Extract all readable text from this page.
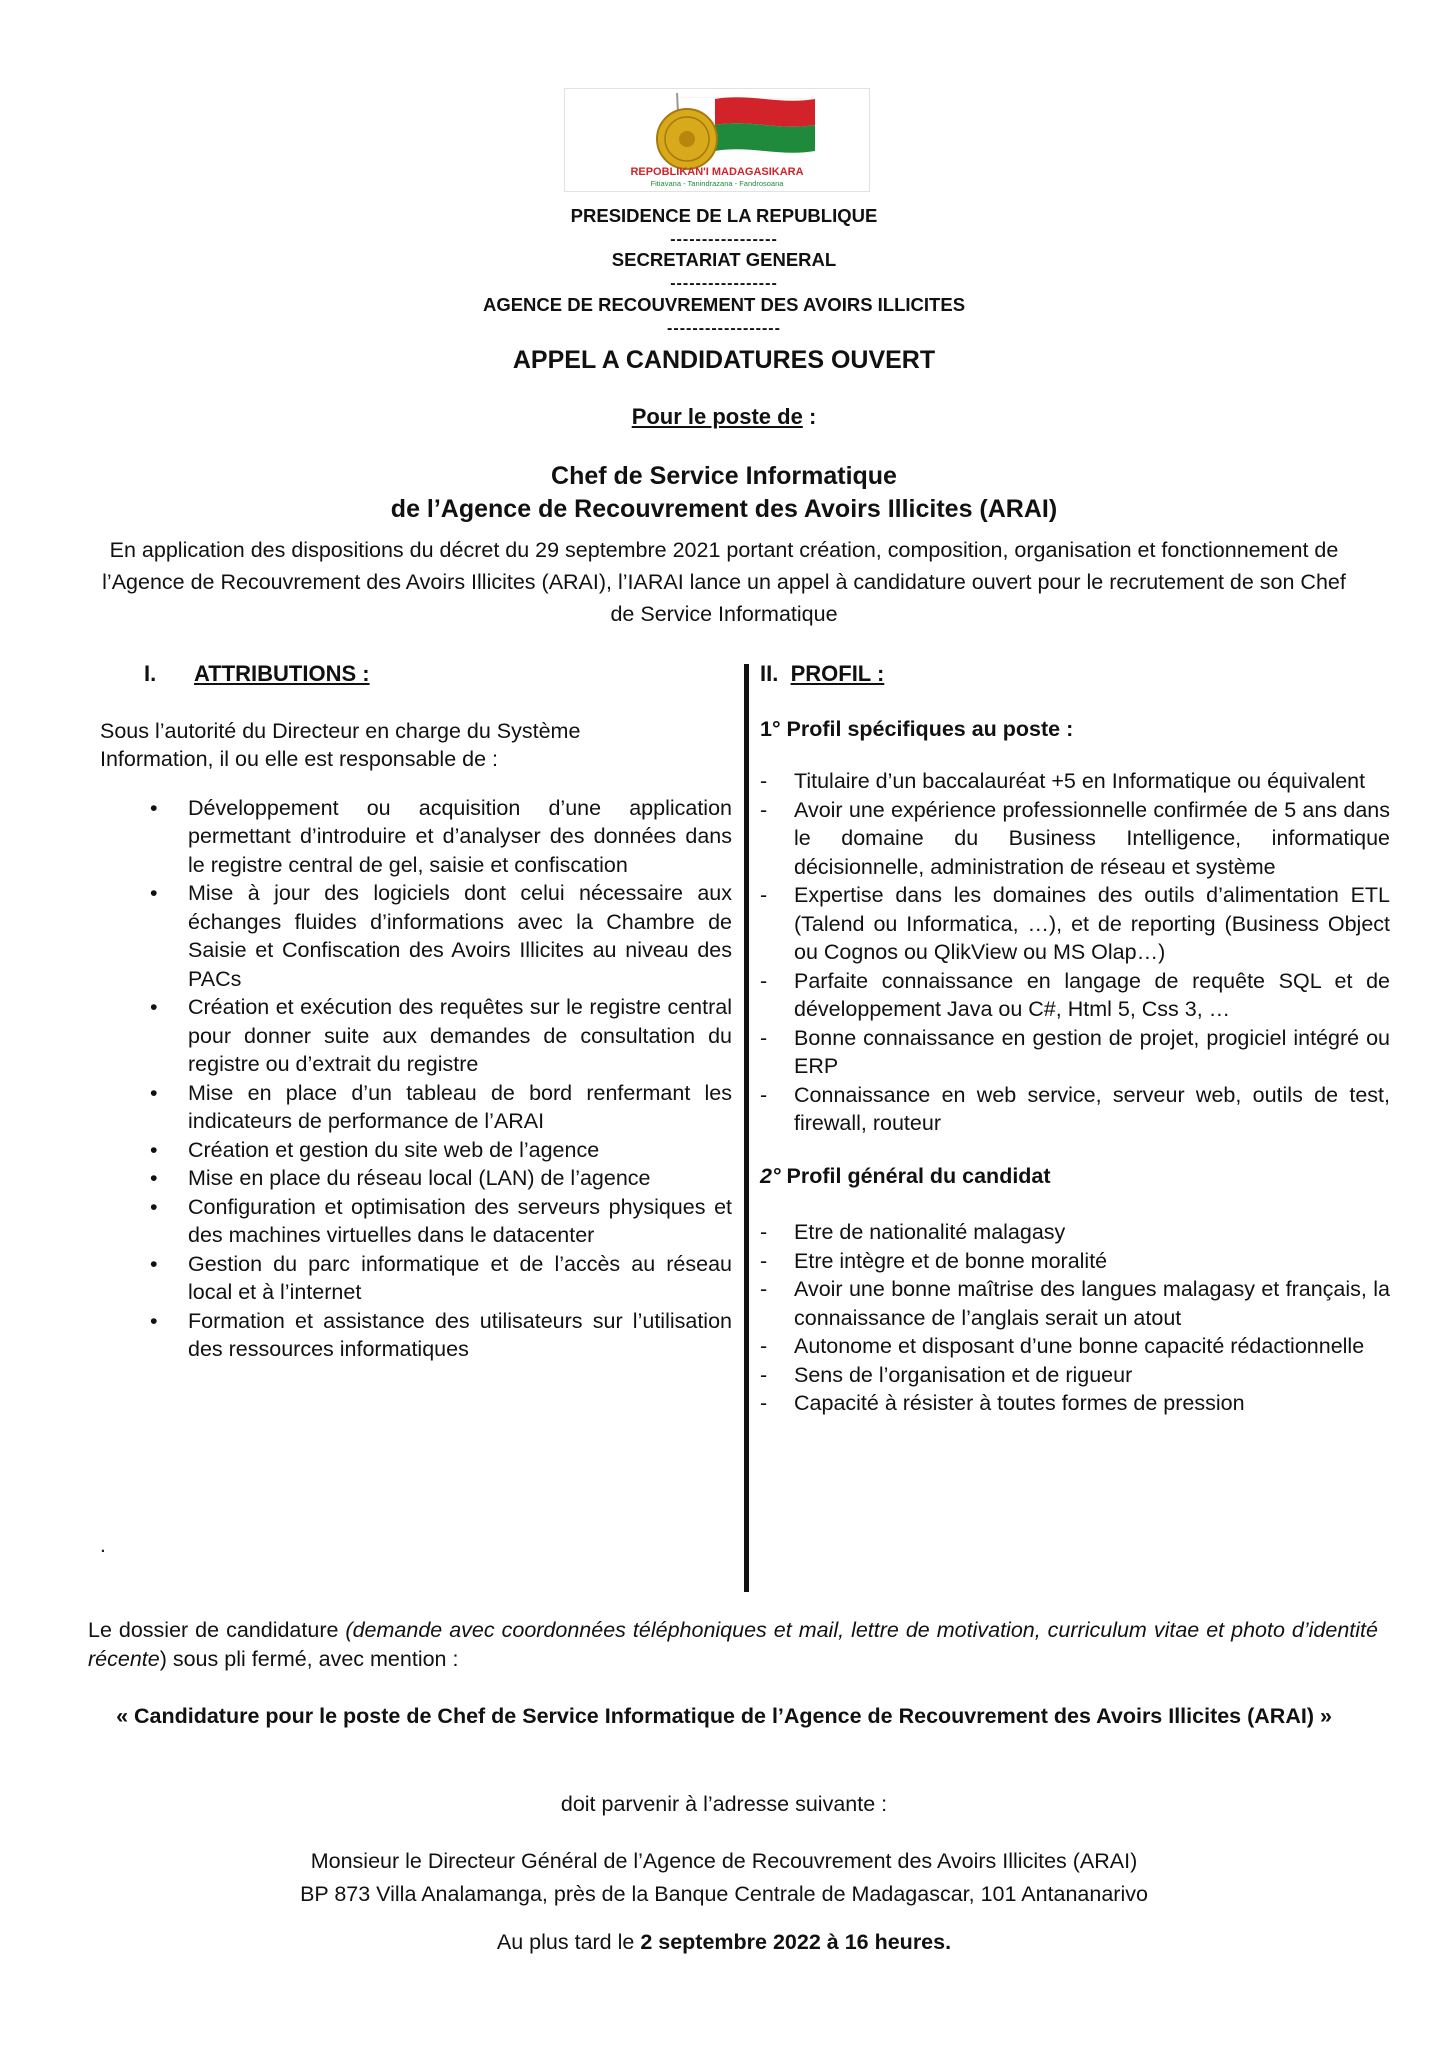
REPOBLIKAN'I MADAGASIKARA
Fitiavana - Tanindrazana - Fandrosoana
PRESIDENCE DE LA REPUBLIQUE
-----------------
SECRETARIAT GENERAL
-----------------
AGENCE DE RECOUVREMENT DES AVOIRS ILLICITES
------------------
APPEL A CANDIDATURES OUVERT
Pour le poste de :
Chef de Service Informatique
de l’Agence de Recouvrement des Avoirs Illicites (ARAI)
En application des dispositions du décret du 29 septembre 2021 portant création, composition, organisation et fonctionnement de l’Agence de Recouvrement des Avoirs Illicites (ARAI), l’IARAI lance un appel à candidature ouvert pour le recrutement de son Chef de Service Informatique
I. ATTRIBUTIONS :
Sous l’autorité du Directeur en charge du Système Information, il ou elle est responsable de :
• Développement ou acquisition d’une application permettant d’introduire et d’analyser des données dans le registre central de gel, saisie et confiscation
• Mise à jour des logiciels dont celui nécessaire aux échanges fluides d’informations avec la Chambre de Saisie et Confiscation des Avoirs Illicites au niveau des PACs
• Création et exécution des requêtes sur le registre central pour donner suite aux demandes de consultation du registre ou d’extrait du registre
• Mise en place d’un tableau de bord renfermant les indicateurs de performance de l’ARAI
• Création et gestion du site web de l’agence
• Mise en place du réseau local (LAN) de l’agence
• Configuration et optimisation des serveurs physiques et des machines virtuelles dans le datacenter
• Gestion du parc informatique et de l’accès au réseau local et à l’internet
• Formation et assistance des utilisateurs sur l’utilisation des ressources informatiques
.
II. PROFIL :
1° Profil spécifiques au poste :
- Titulaire d’un baccalauréat +5 en Informatique ou équivalent
- Avoir une expérience professionnelle confirmée de 5 ans dans le domaine du Business Intelligence, informatique décisionnelle, administration de réseau et système
- Expertise dans les domaines des outils d’alimentation ETL (Talend ou Informatica, …), et de reporting (Business Object ou Cognos ou QlikView ou MS Olap…)
- Parfaite connaissance en langage de requête SQL et de développement Java ou C#, Html 5, Css 3, …
- Bonne connaissance en gestion de projet, progiciel intégré ou ERP
- Connaissance en web service, serveur web, outils de test, firewall, routeur
2° Profil général du candidat
- Etre de nationalité malagasy
- Etre intègre et de bonne moralité
- Avoir une bonne maîtrise des langues malagasy et français, la connaissance de l’anglais serait un atout
- Autonome et disposant d’une bonne capacité rédactionnelle
- Sens de l’organisation et de rigueur
- Capacité à résister à toutes formes de pression
Le dossier de candidature (demande avec coordonnées téléphoniques et mail, lettre de motivation, curriculum vitae et photo d’identité récente) sous pli fermé, avec mention :
« Candidature pour le poste de Chef de Service Informatique de l’Agence de Recouvrement des Avoirs Illicites (ARAI) »
doit parvenir à l’adresse suivante :
Monsieur le Directeur Général de l’Agence de Recouvrement des Avoirs Illicites (ARAI)
BP 873 Villa Analamanga, près de la Banque Centrale de Madagascar, 101 Antananarivo
Au plus tard le 2 septembre 2022 à 16 heures.
